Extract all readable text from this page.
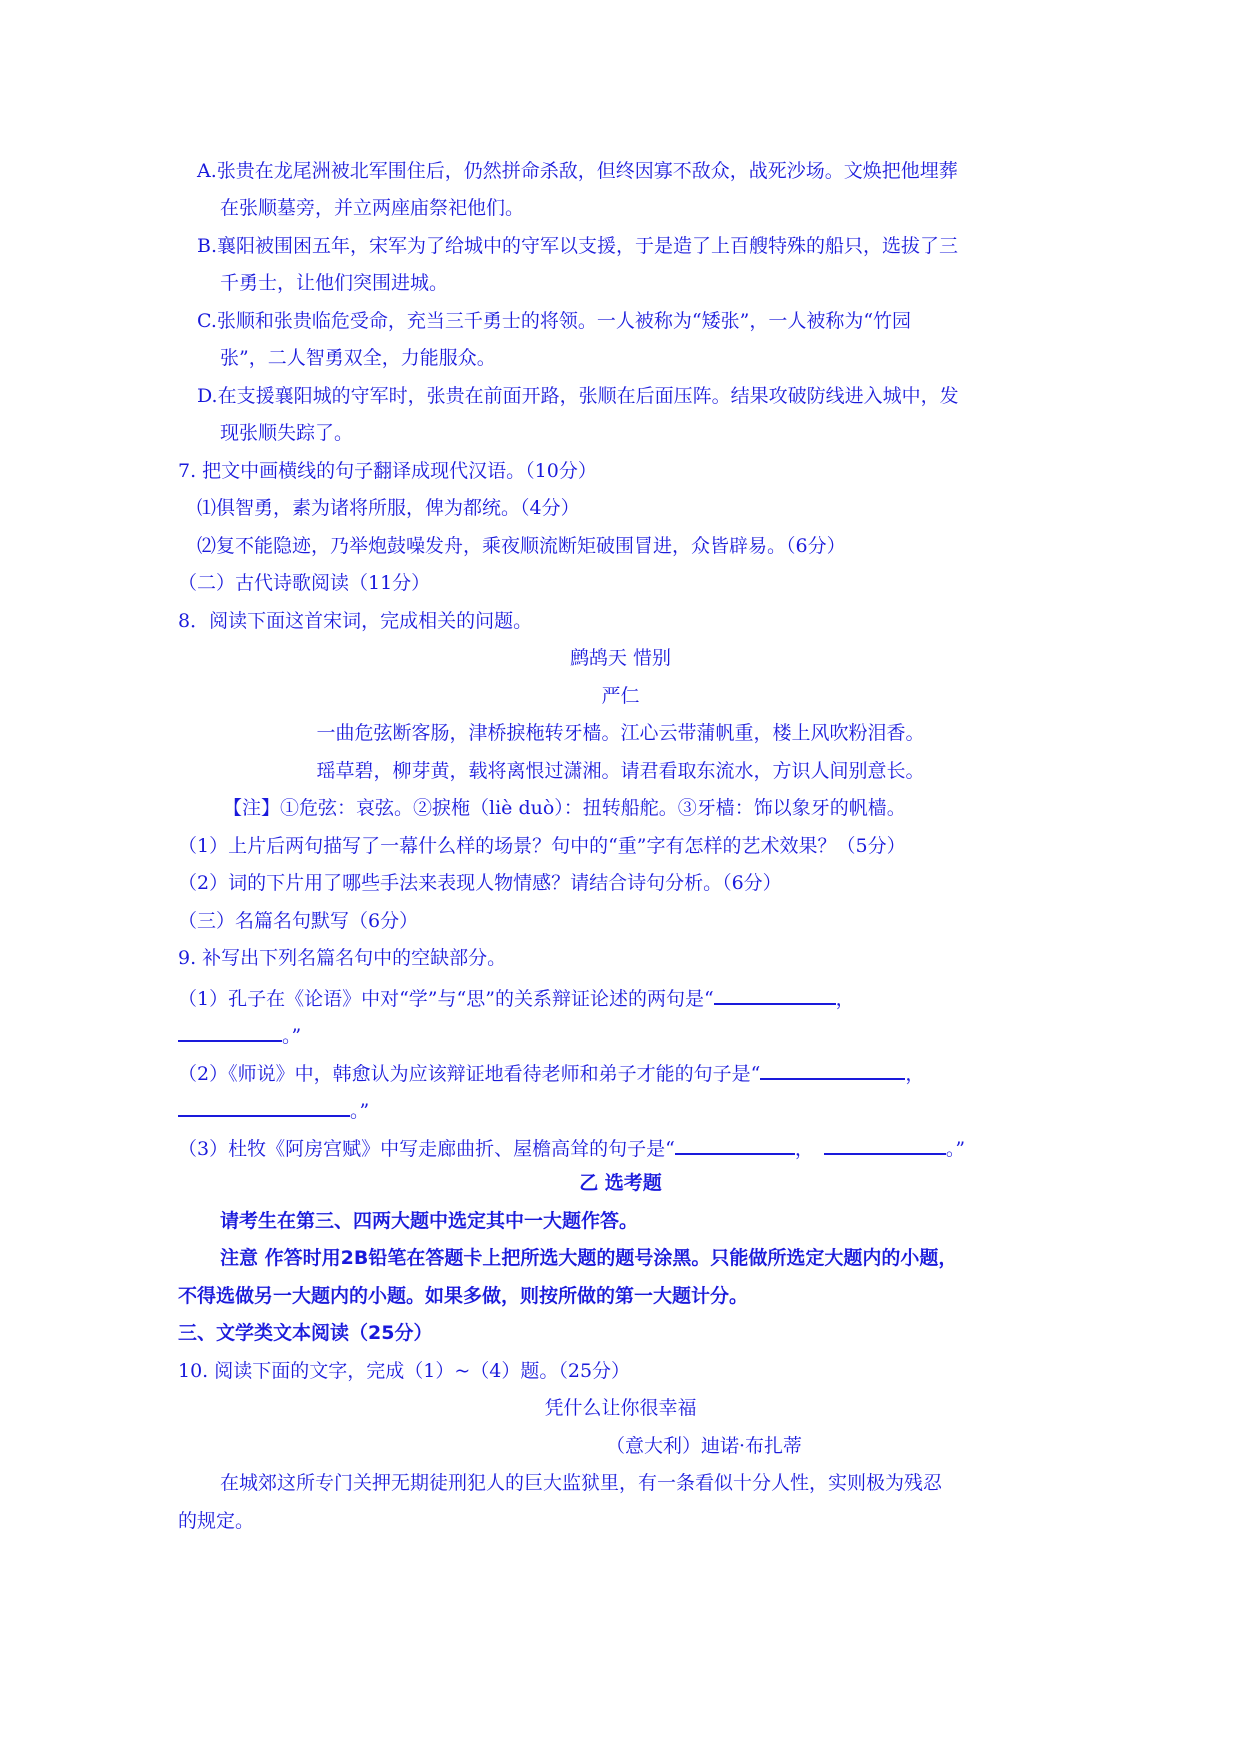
A.张贵在龙尾洲被北军围住后，仍然拼命杀敌，但终因寡不敌众，战死沙场。文焕把他埋葬
在张顺墓旁，并立两座庙祭祀他们。
B.襄阳被围困五年，宋军为了给城中的守军以支援，于是造了上百艘特殊的船只，选拔了三
千勇士，让他们突围进城。
C.张顺和张贵临危受命，充当三千勇士的将领。一人被称为“矮张”，一人被称为“竹园
张”，二人智勇双全，力能服众。
D.在支援襄阳城的守军时，张贵在前面开路，张顺在后面压阵。结果攻破防线进入城中，发
现张顺失踪了。
7. 把文中画横线的句子翻译成现代汉语。（10分）
⑴俱智勇，素为诸将所服，俾为都统。（4分）
⑵复不能隐迹，乃举炮鼓噪发舟，乘夜顺流断矩破围冒进，众皆辟易。（6分）
（二）古代诗歌阅读（11分）
8．阅读下面这首宋词，完成相关的问题。
鹧鸪天 惜别
严仁
一曲危弦断客肠，津桥捩柂转牙樯。江心云带蒲帆重，楼上风吹粉泪香。
瑶草碧，柳芽黄，载将离恨过潇湘。请君看取东流水，方识人间别意长。
【注】①危弦：哀弦。②捩柂（liè duò）：扭转船舵。③牙樯：饰以象牙的帆樯。
（1）上片后两句描写了一幕什么样的场景？句中的“重”字有怎样的艺术效果？（5分）
（2）词的下片用了哪些手法来表现人物情感？请结合诗句分析。（6分）
（三）名篇名句默写（6分）
9. 补写出下列名篇名句中的空缺部分。
（1）孔子在《论语》中对“学”与“思”的关系辩证论述的两句是“	，
。”
（2）《师说》中，韩愈认为应该辩证地看待老师和弟子才能的句子是“	，
。”
（3）杜牧《阿房宫赋》中写走廊曲折、屋檐高耸的句子是“	，	。”
乙 选考题
请考生在第三、四两大题中选定其中一大题作答。
注意 作答时用2B铅笔在答题卡上把所选大题的题号涂黑。只能做所选定大题内的小题，
不得选做另一大题内的小题。如果多做，则按所做的第一大题计分。
三、文学类文本阅读（25分）
10. 阅读下面的文字，完成（1）~（4）题。（25分）
凭什么让你很幸福
（意大利）迪诺·布扎蒂
在城郊这所专门关押无期徒刑犯人的巨大监狱里，有一条看似十分人性，实则极为残忍
的规定。
